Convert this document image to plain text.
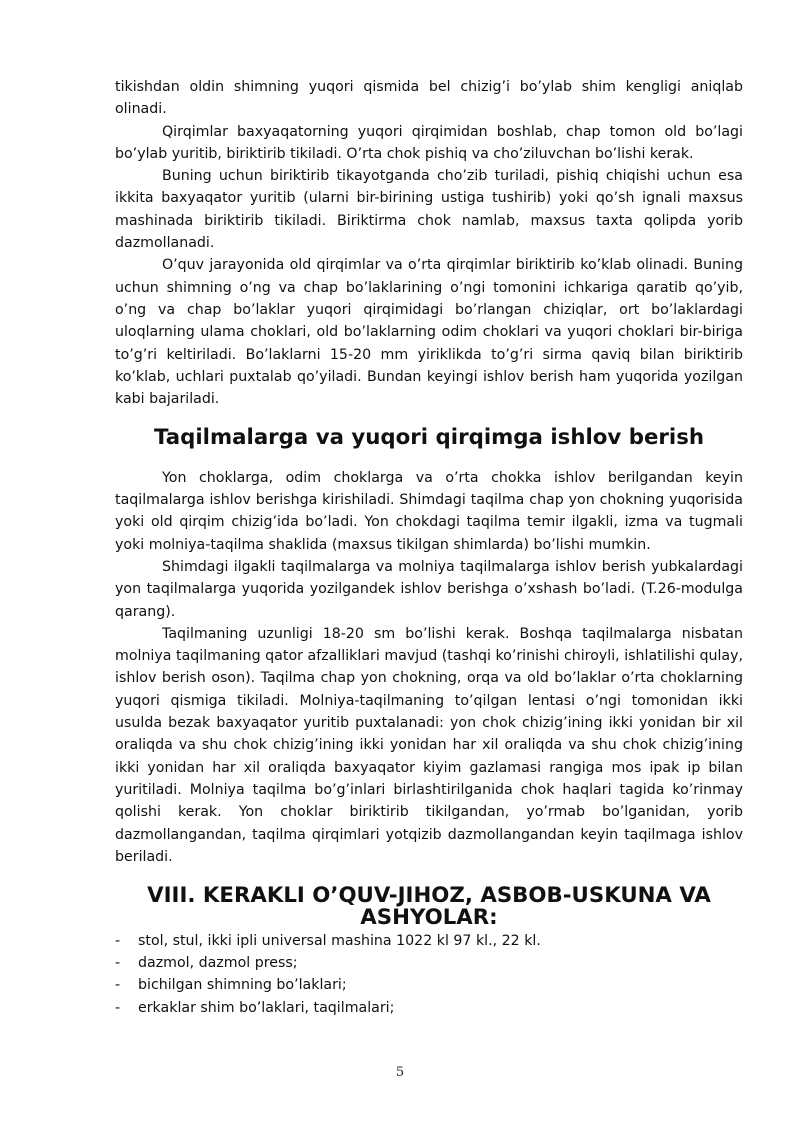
tikishdan oldin shimning yuqori qismida bel chizig’i bo’ylab shim kengligi aniqlab olinadi.

Qirqimlar baxyaqatorning yuqori qirqimidan boshlab, chap tomon old bo’lagi bo’ylab yuritib, biriktirib tikiladi. O’rta chok pishiq va cho’ziluvchan bo’lishi kerak.

Buning uchun biriktirib tikayotganda cho’zib turiladi, pishiq chiqishi uchun esa ikkita baxyaqator yuritib (ularni bir-birining ustiga tushirib) yoki qo’sh ignali maxsus mashinada biriktirib tikiladi. Biriktirma chok namlab, maxsus taxta qolipda yorib dazmollanadi.

O’quv jarayonida old qirqimlar va o’rta qirqimlar biriktirib ko’klab olinadi. Buning uchun shimning o’ng va chap bo’laklarining o’ngi tomonini ichkariga qaratib qo’yib, o’ng va chap bo’laklar yuqori qirqimidagi bo’rlangan chiziqlar, ort bo’laklardagi uloqlarning ulama choklari, old bo’laklarning odim choklari va yuqori choklari bir-biriga to’g’ri keltiriladi. Bo’laklarni 15-20 mm yiriklikda to’g’ri sirma qaviq bilan biriktirib ko’klab, uchlari puxtalab qo’yiladi. Bundan keyingi ishlov berish ham yuqorida yozilgan kabi bajariladi.

Taqilmalarga va yuqori qirqimga ishlov berish

Yon choklarga, odim choklarga va o’rta chokka ishlov berilgandan keyin taqilmalarga ishlov berishga kirishiladi. Shimdagi taqilma chap yon chokning yuqorisida yoki old qirqim chizig’ida bo’ladi. Yon chokdagi taqilma temir ilgakli, izma va tugmali yoki molniya-taqilma shaklida (maxsus tikilgan shimlarda) bo’lishi mumkin.

Shimdagi ilgakli taqilmalarga va molniya taqilmalarga ishlov berish yubkalardagi yon taqilmalarga yuqorida yozilgandek ishlov berishga o’xshash bo’ladi. (T.26-modulga qarang).

Taqilmaning uzunligi 18-20 sm bo’lishi kerak. Boshqa taqilmalarga nisbatan molniya taqilmaning qator afzalliklari mavjud (tashqi ko’rinishi chiroyli, ishlatilishi qulay, ishlov berish oson). Taqilma chap yon chokning, orqa va old bo’laklar o’rta choklarning yuqori qismiga tikiladi. Molniya-taqilmaning to’qilgan lentasi o’ngi tomonidan ikki usulda bezak baxyaqator yuritib puxtalanadi: yon chok chizig’ining ikki yonidan bir xil oraliqda va shu chok chizig’ining ikki yonidan har xil oraliqda va shu chok chizig’ining ikki yonidan har xil oraliqda baxyaqator kiyim gazlamasi rangiga mos ipak ip bilan yuritiladi. Molniya taqilma bo’g’inlari birlashtirilganida chok haqlari tagida ko’rinmay qolishi kerak. Yon choklar biriktirib tikilgandan, yo’rmab bo’lganidan, yorib dazmollangandan, taqilma qirqimlari yotqizib dazmollangandan keyin taqilmaga ishlov beriladi.

VIII. KERAKLI O’QUV-JIHOZ, ASBOB-USKUNA VA ASHYOLAR:
- stol, stul, ikki ipli universal mashina 1022 kl 97 kl., 22 kl.
- dazmol, dazmol press;
- bichilgan shimning bo’laklari;
- erkaklar shim bo’laklari, taqilmalari;
5
